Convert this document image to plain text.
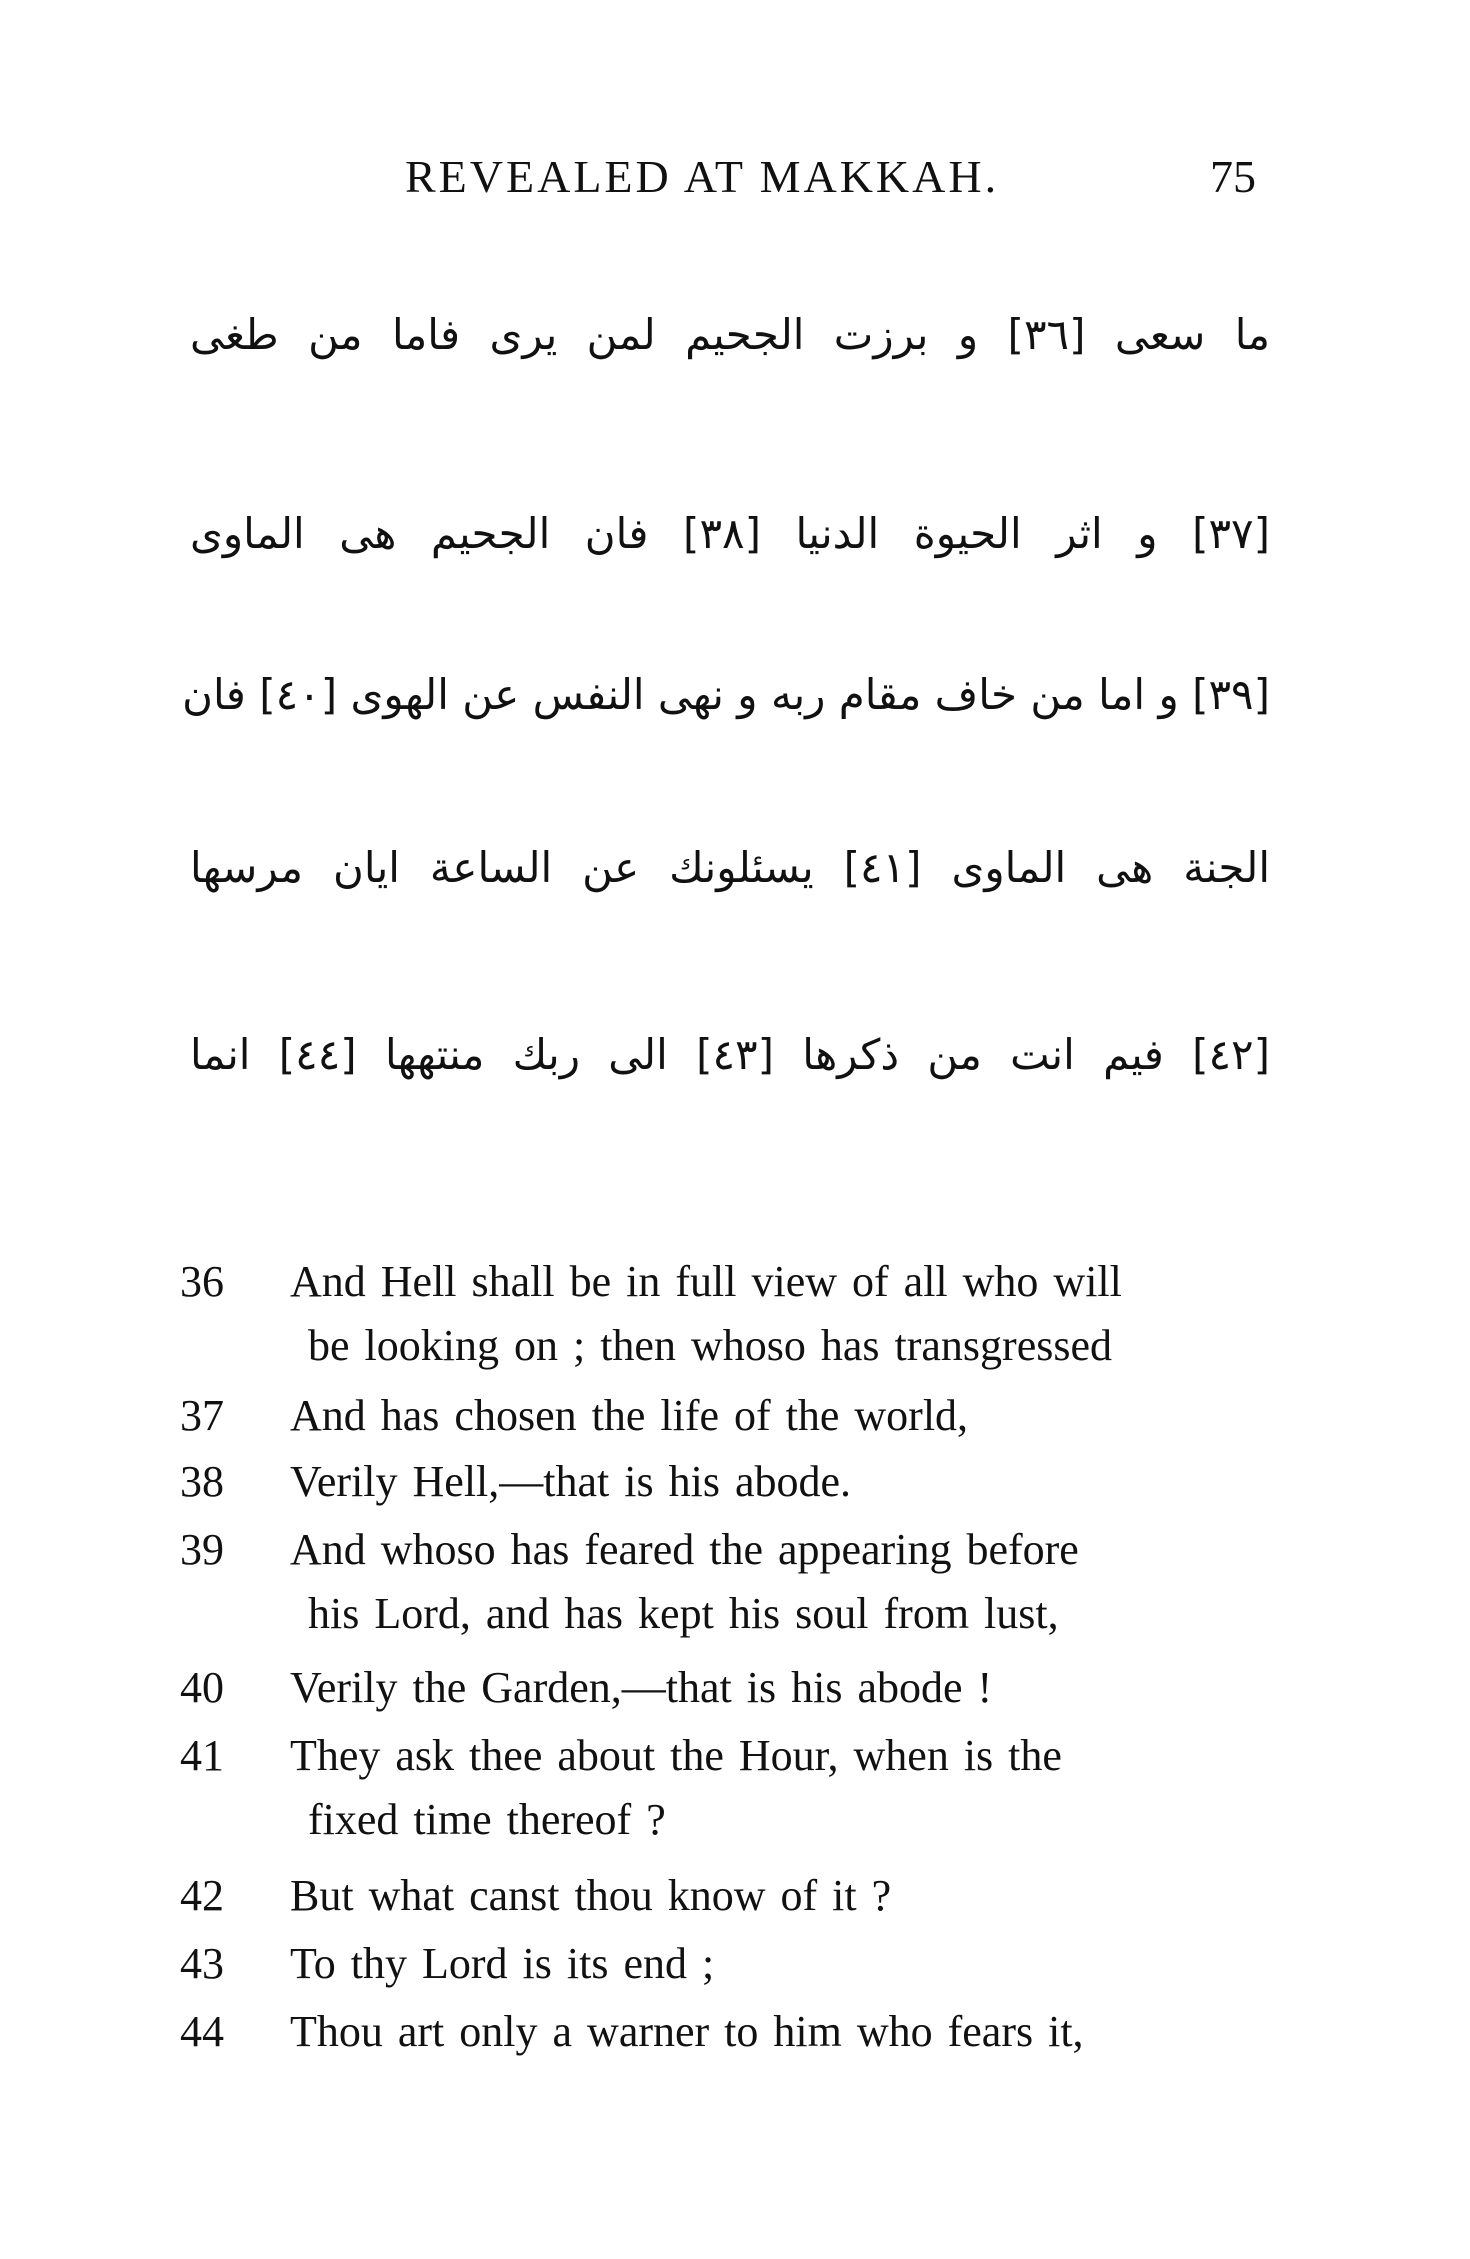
REVEALED AT MAKKAH.	75
ما سعى [٣٦] و برزت الجحيم لمن يرى فاما من طغى
[٣٧] و اثر الحيوة الدنيا [٣٨] فان الجحيم هى الماوى
[٣٩] و اما من خاف مقام ربه و نهى النفس عن الهوى [٤٠] فان
الجنة هى الماوى [٤١] يسئلونك عن الساعة ايان مرسها
[٤٢] فيم انت من ذكرها [٤٣] الى ربك منتهها [٤٤] انما
36	And Hell shall be in full view of all who will
be looking on ; then whoso has transgressed
37	And has chosen the life of the world,
38	Verily Hell,—that is his abode.
39	And whoso has feared the appearing before
his Lord, and has kept his soul from lust,
40	Verily the Garden,—that is his abode !
41	They ask thee about the Hour, when is the
fixed time thereof ?
42	But what canst thou know of it ?
43	To thy Lord is its end ;
44	Thou art only a warner to him who fears it,
